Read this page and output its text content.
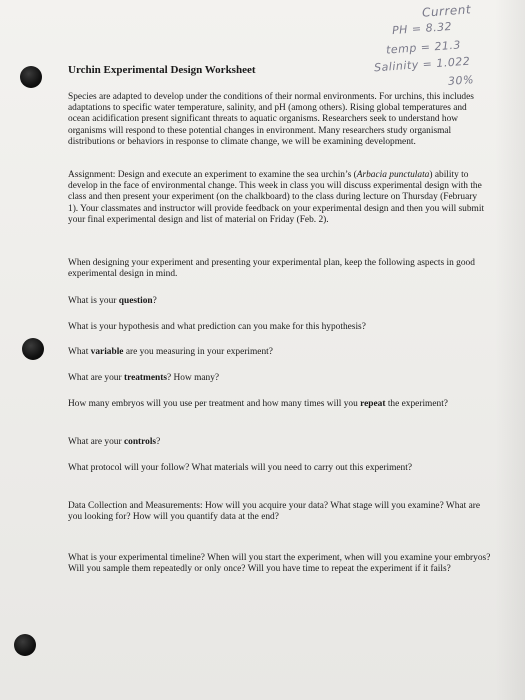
Current
PH = 8.32
temp = 21.3
Salinity = 1.022
30%
Urchin Experimental Design Worksheet

Species are adapted to develop under the conditions of their normal environments. For urchins, this includes adaptations to specific water temperature, salinity, and pH (among others). Rising global temperatures and ocean acidification present significant threats to aquatic organisms. Researchers seek to understand how organisms will respond to these potential changes in environment. Many researchers study organismal distributions or behaviors in response to climate change, we will be examining development.

Assignment: Design and execute an experiment to examine the sea urchin’s (Arbacia punctulata) ability to develop in the face of environmental change. This week in class you will discuss experimental design with the class and then present your experiment (on the chalkboard) to the class during lecture on Thursday (February 1). Your classmates and instructor will provide feedback on your experimental design and then you will submit your final experimental design and list of material on Friday (Feb. 2).

When designing your experiment and presenting your experimental plan, keep the following aspects in good experimental design in mind.

What is your question?

What is your hypothesis and what prediction can you make for this hypothesis?

What variable are you measuring in your experiment?

What are your treatments? How many?

How many embryos will you use per treatment and how many times will you repeat the experiment?

What are your controls?

What protocol will your follow? What materials will you need to carry out this experiment?

Data Collection and Measurements: How will you acquire your data? What stage will you examine? What are you looking for? How will you quantify data at the end?

What is your experimental timeline? When will you start the experiment, when will you examine your embryos? Will you sample them repeatedly or only once? Will you have time to repeat the experiment if it fails?
